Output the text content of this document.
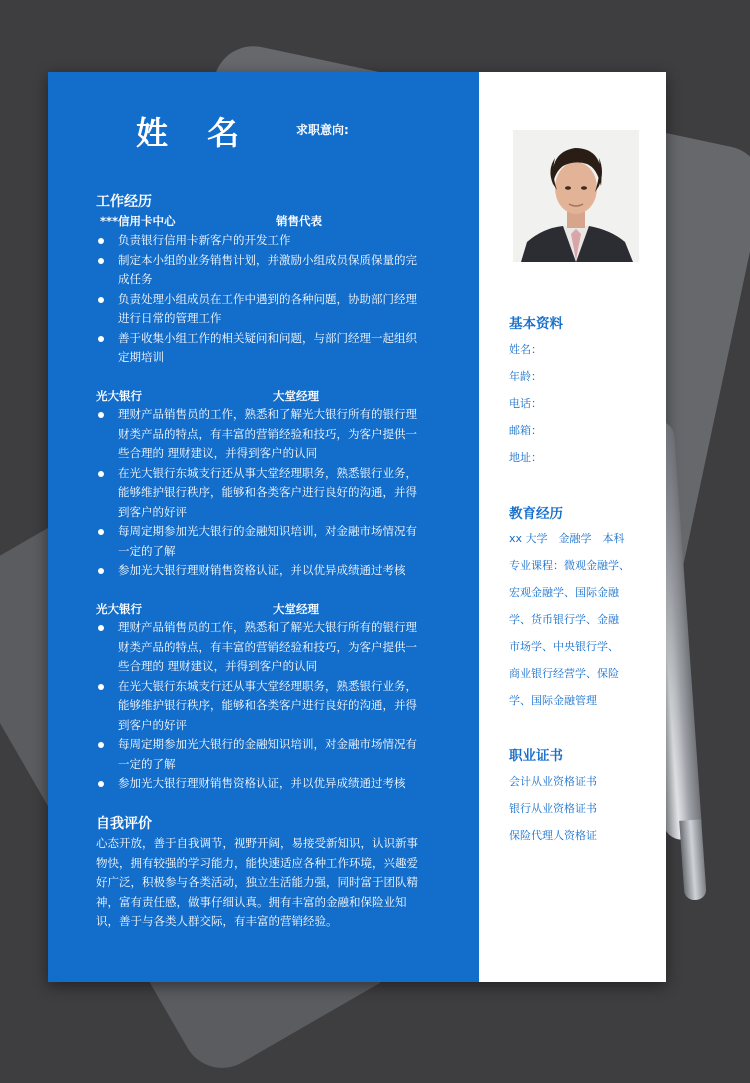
姓 名	求职意向:
工作经历
***信用卡中心	销售代表
负责银行信用卡新客户的开发工作
制定本小组的业务销售计划，并激励小组成员保质保量的完成任务
负责处理小组成员在工作中遇到的各种问题，协助部门经理进行日常的管理工作
善于收集小组工作的相关疑问和问题，与部门经理一起组织定期培训
光大银行	大堂经理
理财产品销售员的工作，熟悉和了解光大银行所有的银行理财类产品的特点，有丰富的营销经验和技巧，为客户提供一些合理的 理财建议，并得到客户的认同
在光大银行东城支行还从事大堂经理职务，熟悉银行业务，能够维护银行秩序，能够和各类客户进行良好的沟通，并得到客户的好评
每周定期参加光大银行的金融知识培训，对金融市场情况有一定的了解
参加光大银行理财销售资格认证，并以优异成绩通过考核
光大银行	大堂经理
理财产品销售员的工作，熟悉和了解光大银行所有的银行理财类产品的特点，有丰富的营销经验和技巧，为客户提供一些合理的 理财建议，并得到客户的认同
在光大银行东城支行还从事大堂经理职务，熟悉银行业务，能够维护银行秩序，能够和各类客户进行良好的沟通，并得到客户的好评
每周定期参加光大银行的金融知识培训，对金融市场情况有一定的了解
参加光大银行理财销售资格认证，并以优异成绩通过考核
自我评价
心态开放，善于自我调节，视野开阔，易接受新知识，认识新事物快，拥有较强的学习能力，能快速适应各种工作环境，兴趣爱好广泛，积极参与各类活动，独立生活能力强，同时富于团队精神，富有责任感，做事仔细认真。拥有丰富的金融和保险业知识，善于与各类人群交际，有丰富的营销经验。
基本资料
姓名：
年龄：
电话：
邮箱：
地址：
教育经历
xx 大学　金融学　本科
专业课程：微观金融学、
宏观金融学、国际金融
学、货币银行学、金融
市场学、中央银行学、
商业银行经营学、保险
学、国际金融管理
职业证书
会计从业资格证书
银行从业资格证书
保险代理人资格证
